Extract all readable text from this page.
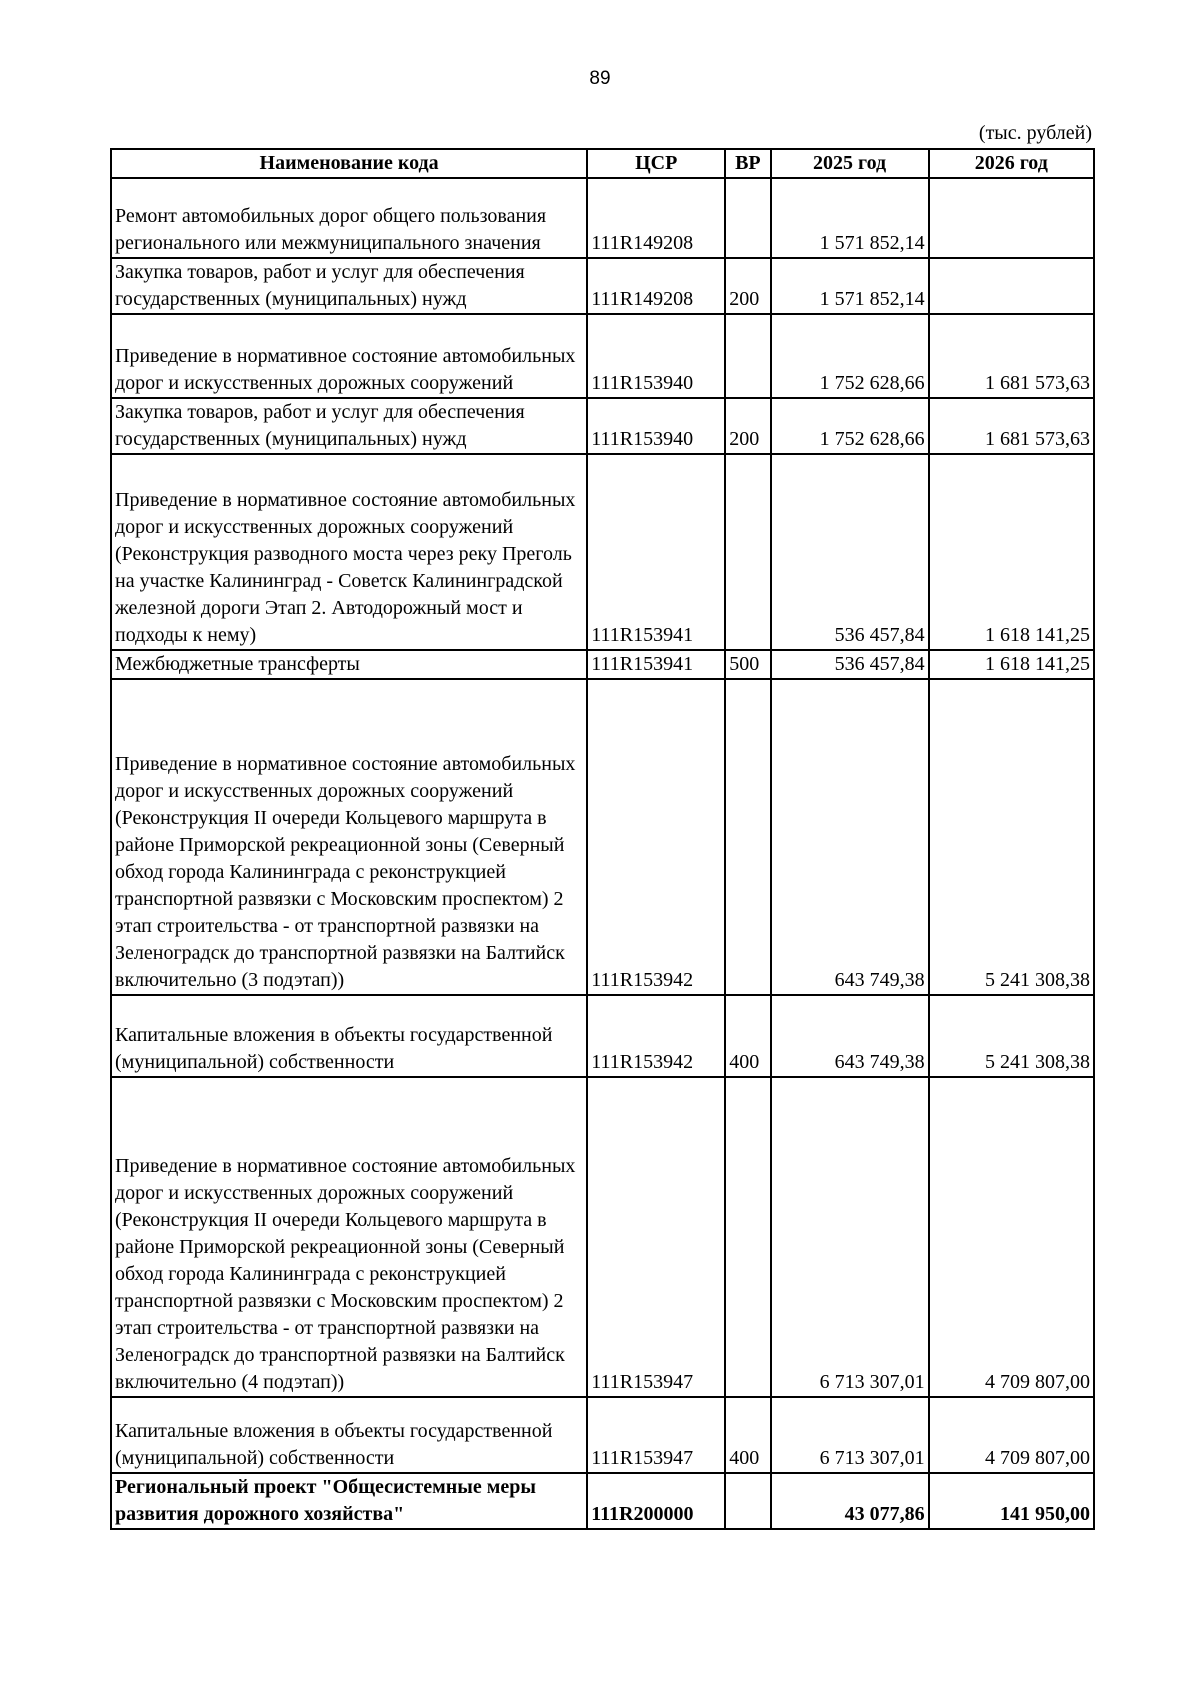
89
(тыс. рублей)
Наименование кода	ЦСР	ВР	2025 год	2026 год
Ремонт автомобильных дорог общего пользования регионального или межмуниципального значения	111R149208		1 571 852,14	
Закупка товаров, работ и услуг для обеспечения государственных (муниципальных) нужд	111R149208	200	1 571 852,14	
Приведение в нормативное состояние автомобильных дорог и искусственных дорожных сооружений	111R153940		1 752 628,66	1 681 573,63
Закупка товаров, работ и услуг для обеспечения государственных (муниципальных) нужд	111R153940	200	1 752 628,66	1 681 573,63
Приведение в нормативное состояние автомобильных дорог и искусственных дорожных сооружений (Реконструкция разводного моста через реку Преголь на участке Калининград - Советск Калининградской железной дороги Этап 2. Автодорожный мост и подходы к нему)	111R153941		536 457,84	1 618 141,25
Межбюджетные трансферты	111R153941	500	536 457,84	1 618 141,25
Приведение в нормативное состояние автомобильных дорог и искусственных дорожных сооружений (Реконструкция II очереди Кольцевого маршрута в районе Приморской рекреационной зоны (Северный обход города Калининграда с реконструкцией транспортной развязки с Московским проспектом) 2 этап строительства - от транспортной развязки на Зеленоградск до транспортной развязки на Балтийск включительно (3 подэтап))	111R153942		643 749,38	5 241 308,38
Капитальные вложения в объекты государственной (муниципальной) собственности	111R153942	400	643 749,38	5 241 308,38
Приведение в нормативное состояние автомобильных дорог и искусственных дорожных сооружений (Реконструкция II очереди Кольцевого маршрута в районе Приморской рекреационной зоны (Северный обход города Калининграда с реконструкцией транспортной развязки с Московским проспектом) 2 этап строительства - от транспортной развязки на Зеленоградск до транспортной развязки на Балтийск включительно (4 подэтап))	111R153947		6 713 307,01	4 709 807,00
Капитальные вложения в объекты государственной (муниципальной) собственности	111R153947	400	6 713 307,01	4 709 807,00
Региональный проект "Общесистемные меры развития дорожного хозяйства"	111R200000		43 077,86	141 950,00
